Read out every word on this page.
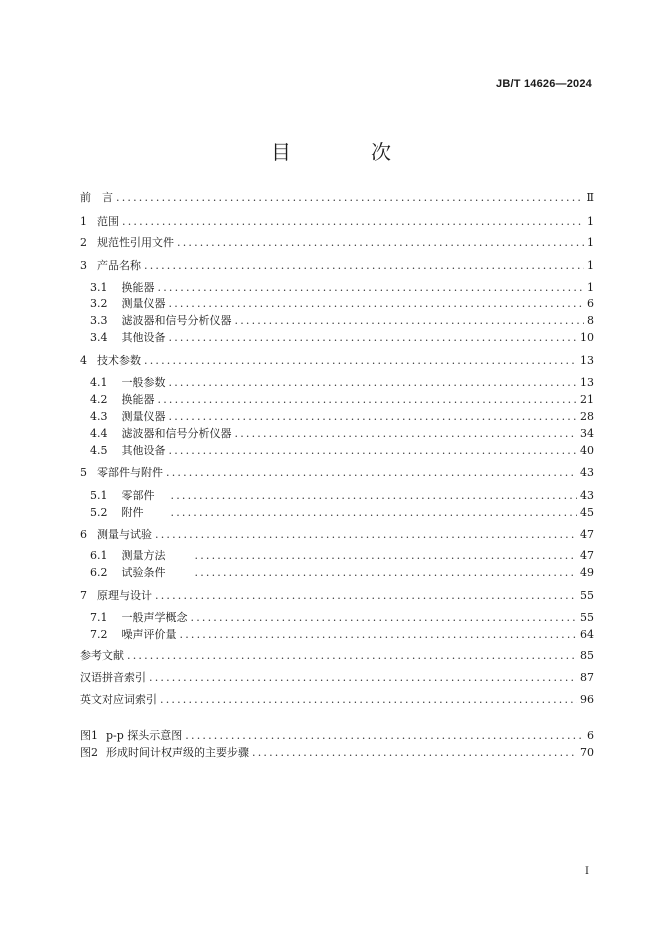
JB/T 14626—2024
目　次
前　言 .....	Ⅱ
1 范围 .....	1
2 规范性引用文件 .....	1
3 产品名称 .....	1
3.1 换能器 .....	1
3.2 测量仪器 .....	6
3.3 滤波器和信号分析仪器 .....	8
3.4 其他设备 .....	10
4 技术参数 .....	13
4.1 一般参数 .....	13
4.2 换能器 .....	21
4.3 测量仪器 .....	28
4.4 滤波器和信号分析仪器 .....	34
4.5 其他设备 .....	40
5 零部件与附件 .....	43
5.1 零部件 .....	43
5.2 附件 .....	45
6 测量与试验 .....	47
6.1 测量方法 .....	47
6.2 试验条件 .....	49
7 原理与设计 .....	55
7.1 一般声学概念 .....	55
7.2 噪声评价量 .....	64
参考文献 .....	85
汉语拼音索引 .....	87
英文对应词索引 .....	96
图1 p-p 探头示意图 .....	6
图2 形成时间计权声级的主要步骤 .....	70
I
